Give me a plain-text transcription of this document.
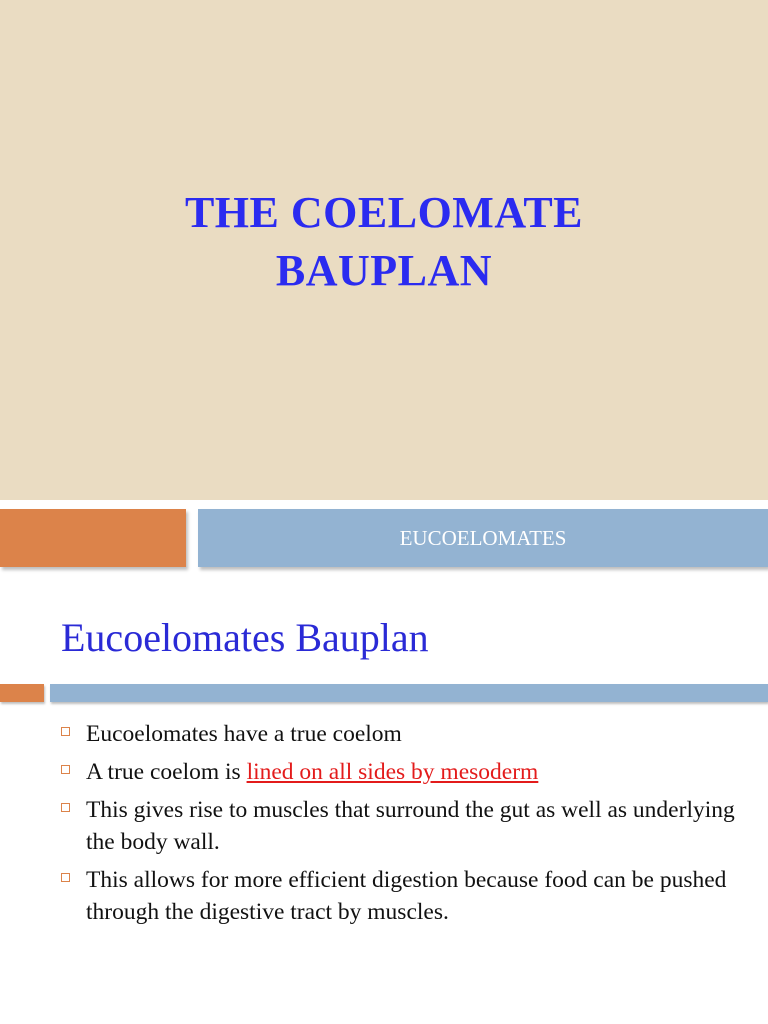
THE COELOMATE
BAUPLAN
EUCOELOMATES
Eucoelomates Bauplan
Eucoelomates have a true coelom
A true coelom is lined on all sides by mesoderm
This gives rise to muscles that surround the gut as well as underlying the body wall.
This allows for more efficient digestion because food can be pushed through the digestive tract by muscles.
